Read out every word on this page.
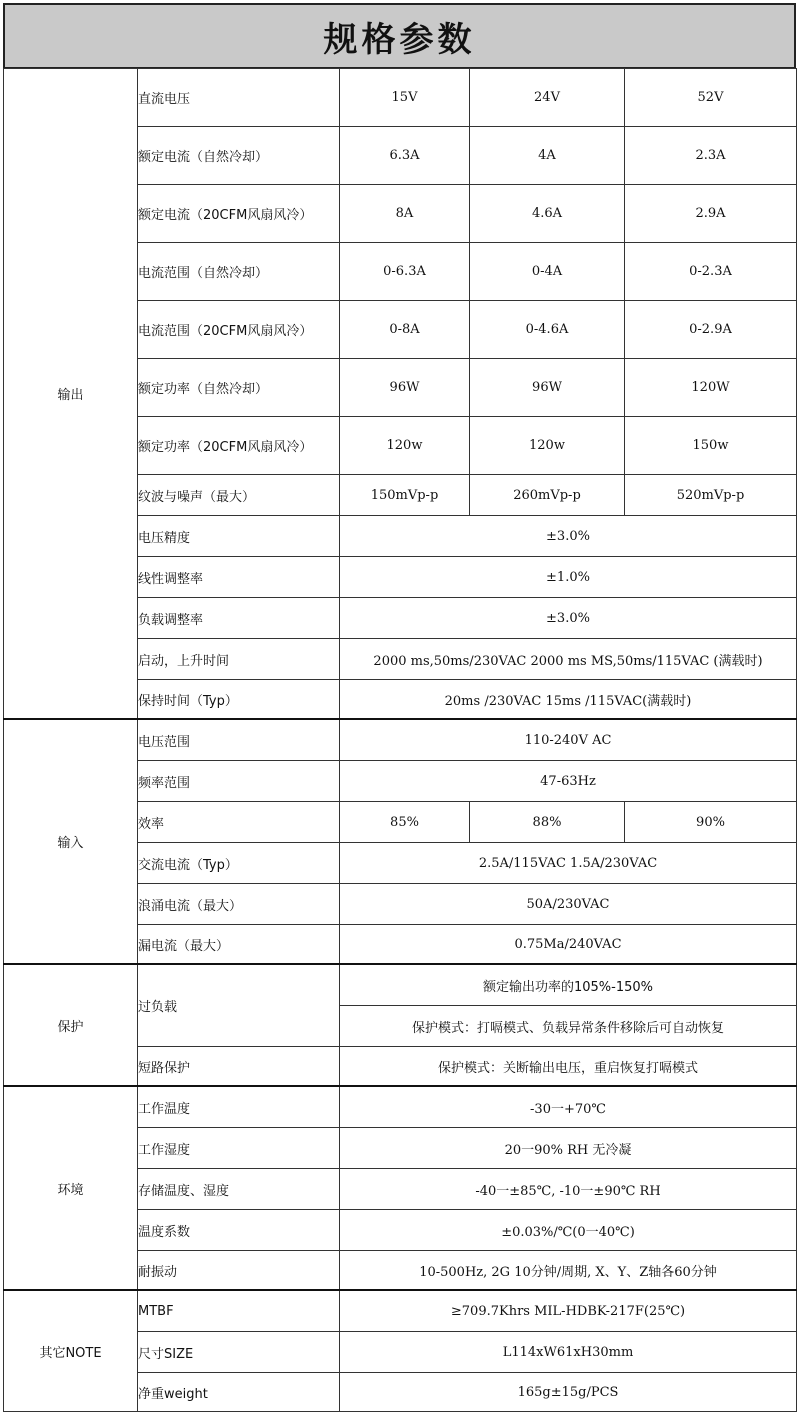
规格参数
输出	直流电压	15V	24V	52V
	额定电流（自然冷却）	6.3A	4A	2.3A
	额定电流（20CFM风扇风冷）	8A	4.6A	2.9A
	电流范围（自然冷却）	0-6.3A	0-4A	0-2.3A
	电流范围（20CFM风扇风冷）	0-8A	0-4.6A	0-2.9A
	额定功率（自然冷却）	96W	96W	120W
	额定功率（20CFM风扇风冷）	120w	120w	150w
	纹波与噪声（最大）	150mVp-p	260mVp-p	520mVp-p
	电压精度	±3.0%		
	线性调整率	±1.0%		
	负载调整率	±3.0%		
	启动，上升时间	2000 ms,50ms/230VAC 2000 ms MS,50ms/115VAC (满载时)		
	保持时间（Typ）	20ms /230VAC 15ms /115VAC(满载时)		
输入	电压范围	110-240V AC		
	频率范围	47-63Hz		
	效率	85%	88%	90%
	交流电流（Typ）	2.5A/115VAC 1.5A/230VAC		
	浪涌电流（最大）	50A/230VAC		
	漏电流（最大）	0.75Ma/240VAC		
保护	过负载	额定输出功率的105%-150%		
		保护模式：打嗝模式、负载异常条件移除后可自动恢复		
	短路保护	保护模式：关断输出电压，重启恢复打嗝模式		
环境	工作温度	-30一+70℃		
	工作湿度	20一90% RH 无冷凝		
	存储温度、湿度	-40一±85℃, -10一±90℃ RH		
	温度系数	±0.03%/℃(0一40℃)		
	耐振动	10-500Hz, 2G 10分钟/周期, X、Y、Z轴各60分钟		
其它NOTE	MTBF	≥709.7Khrs MIL-HDBK-217F(25℃)		
	尺寸SIZE	L114xW61xH30mm		
	净重weight	165g±15g/PCS		
